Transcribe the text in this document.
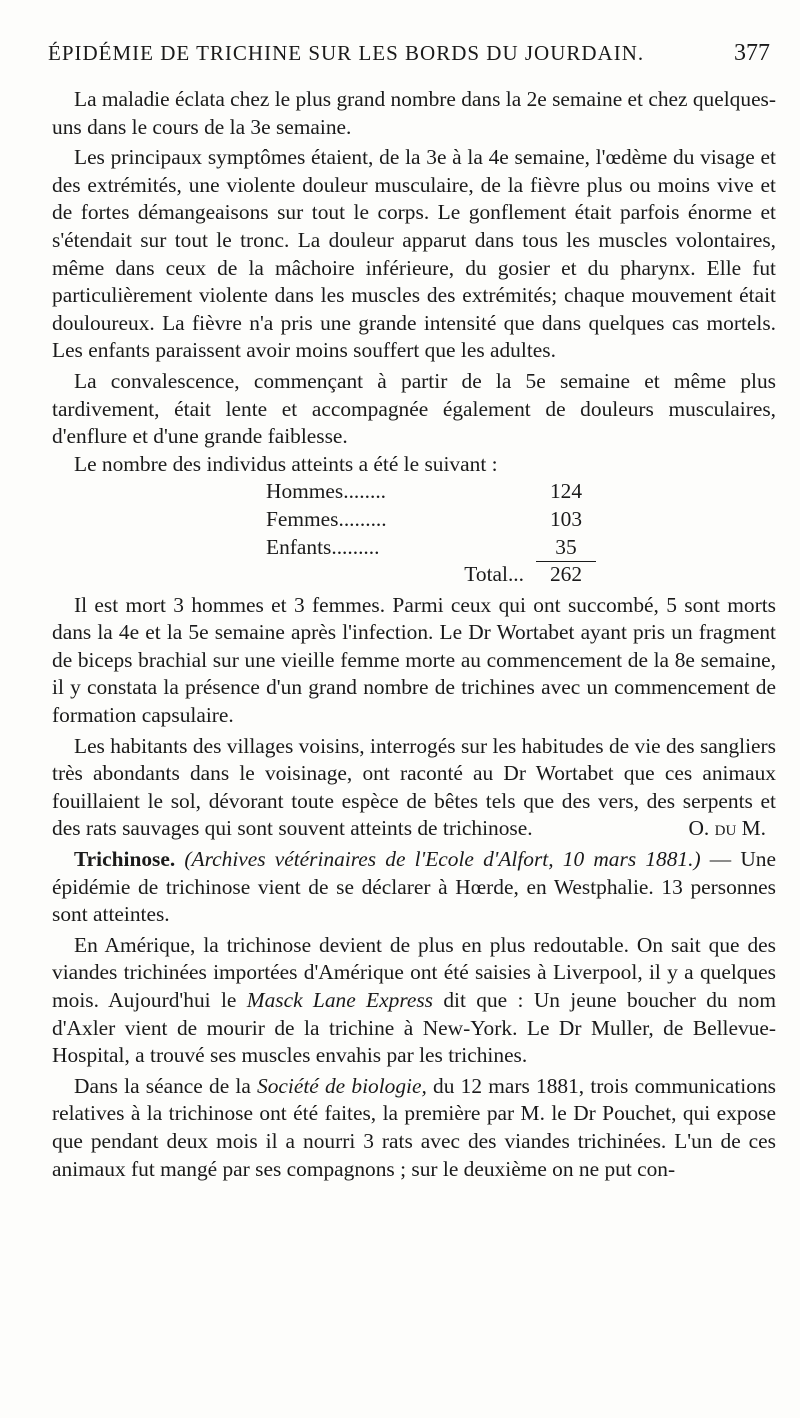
ÉPIDÉMIE DE TRICHINE SUR LES BORDS DU JOURDAIN.	377

La maladie éclata chez le plus grand nombre dans la 2e semaine et chez quelques-uns dans le cours de la 3e semaine.

Les principaux symptômes étaient, de la 3e à la 4e semaine, l'œdème du visage et des extrémités, une violente douleur musculaire, de la fièvre plus ou moins vive et de fortes démangeaisons sur tout le corps. Le gonflement était parfois énorme et s'étendait sur tout le tronc. La douleur apparut dans tous les muscles volontaires, même dans ceux de la mâchoire inférieure, du gosier et du pharynx. Elle fut particulièrement violente dans les muscles des extrémités; chaque mouvement était douloureux. La fièvre n'a pris une grande intensité que dans quelques cas mortels. Les enfants paraissent avoir moins souffert que les adultes.

La convalescence, commençant à partir de la 5e semaine et même plus tardivement, était lente et accompagnée également de douleurs musculaires, d'enflure et d'une grande faiblesse.

Le nombre des individus atteints a été le suivant :

Hommes........	124
Femmes.........	103
Enfants.........	35
Total...	262

Il est mort 3 hommes et 3 femmes. Parmi ceux qui ont succombé, 5 sont morts dans la 4e et la 5e semaine après l'infection. Le Dr Wortabet ayant pris un fragment de biceps brachial sur une vieille femme morte au commencement de la 8e semaine, il y constata la présence d'un grand nombre de trichines avec un commencement de formation capsulaire.

Les habitants des villages voisins, interrogés sur les habitudes de vie des sangliers très abondants dans le voisinage, ont raconté au Dr Wortabet que ces animaux fouillaient le sol, dévorant toute espèce de bêtes tels que des vers, des serpents et des rats sauvages qui sont souvent atteints de trichinose.	O. du M.

Trichinose. (Archives vétérinaires de l'Ecole d'Alfort, 10 mars 1881.) — Une épidémie de trichinose vient de se déclarer à Hœrde, en Westphalie. 13 personnes sont atteintes.

En Amérique, la trichinose devient de plus en plus redoutable. On sait que des viandes trichinées importées d'Amérique ont été saisies à Liverpool, il y a quelques mois. Aujourd'hui le Masck Lane Express dit que : Un jeune boucher du nom d'Axler vient de mourir de la trichine à New-York. Le Dr Muller, de Bellevue-Hospital, a trouvé ses muscles envahis par les trichines.

Dans la séance de la Société de biologie, du 12 mars 1881, trois communications relatives à la trichinose ont été faites, la première par M. le Dr Pouchet, qui expose que pendant deux mois il a nourri 3 rats avec des viandes trichinées. L'un de ces animaux fut mangé par ses compagnons ; sur le deuxième on ne put con-
